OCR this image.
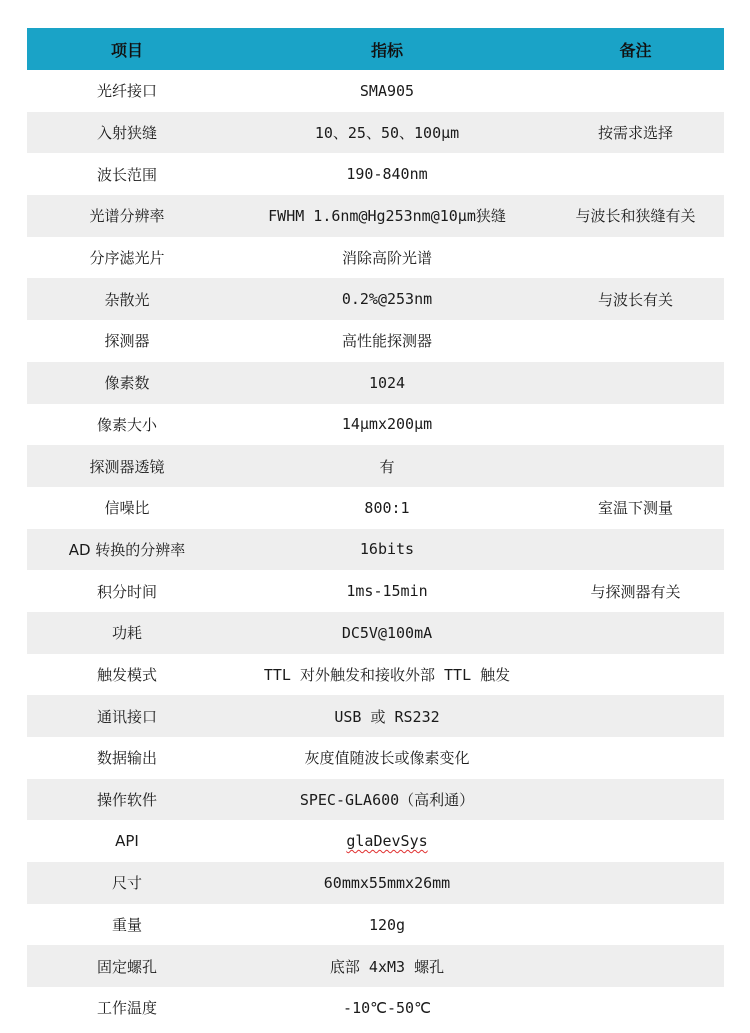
项目	指标	备注
光纤接口	SMA905	
入射狭缝	10、25、50、100μm	按需求选择
波长范围	190-840nm	
光谱分辨率	FWHM 1.6nm@Hg253nm@10μm狭缝	与波长和狭缝有关
分序滤光片	消除高阶光谱	
杂散光	0.2%@253nm	与波长有关
探测器	高性能探测器	
像素数	1024	
像素大小	14μmx200μm	
探测器透镜	有	
信噪比	800:1	室温下测量
AD 转换的分辨率	16bits	
积分时间	1ms-15min	与探测器有关
功耗	DC5V@100mA	
触发模式	TTL 对外触发和接收外部 TTL 触发	
通讯接口	USB 或 RS232	
数据输出	灰度值随波长或像素变化	
操作软件	SPEC-GLA600（高利通）	
API	glaDevSys	
尺寸	60mmx55mmx26mm	
重量	120g	
固定螺孔	底部 4xM3 螺孔	
工作温度	-10℃-50℃	
